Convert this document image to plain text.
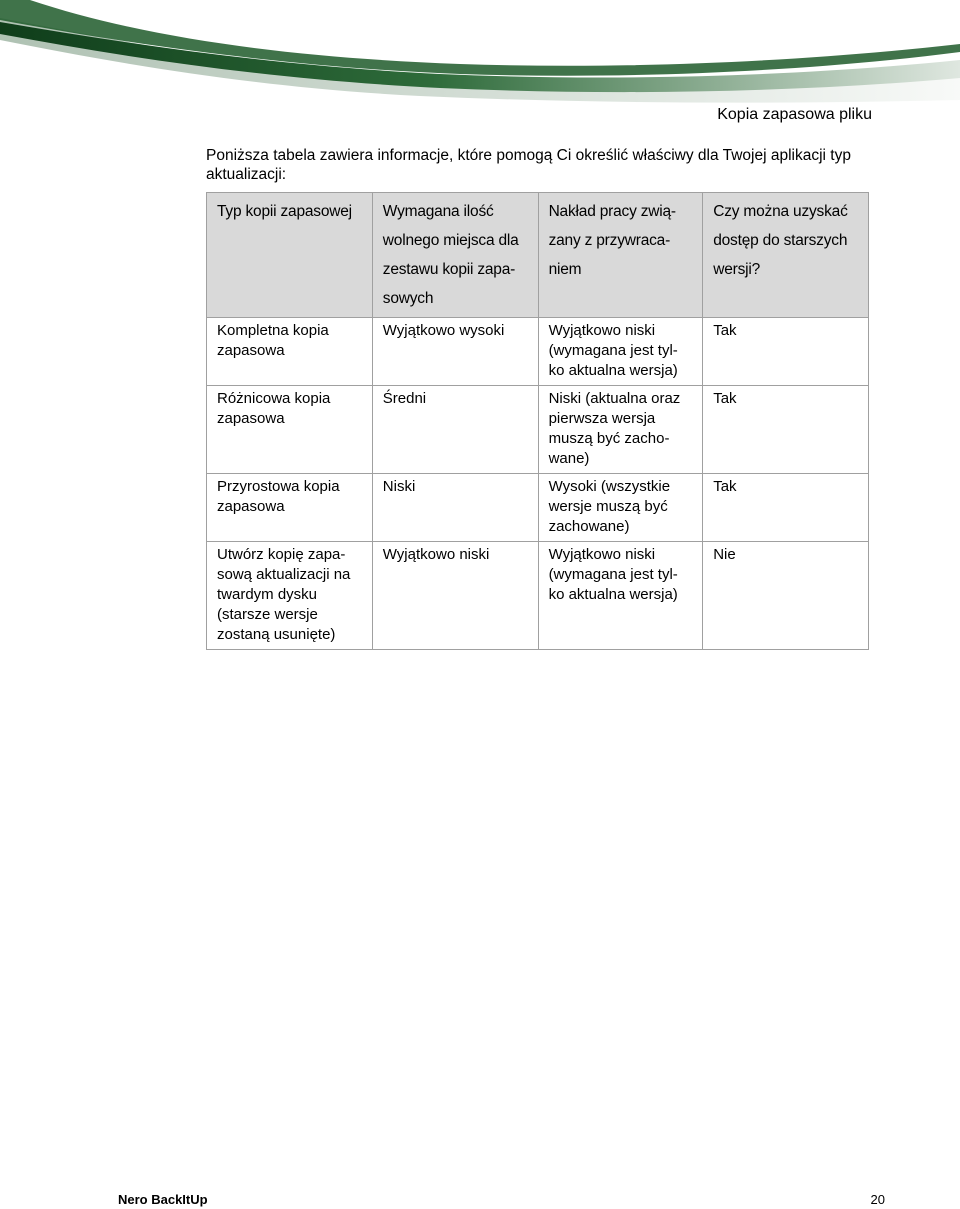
Kopia zapasowa pliku
Poniższa tabela zawiera informacje, które pomogą Ci określić właściwy dla Twojej aplikacji typ aktualizacji:
Typ kopii zapasowej	Wymagana ilość wolnego miejsca dla zestawu kopii zapa-sowych	Nakład pracy zwią-zany z przywraca-niem	Czy można uzyskać dostęp do starszych wersji?
Kompletna kopia zapasowa	Wyjątkowo wysoki	Wyjątkowo niski (wymagana jest tyl-ko aktualna wersja)	Tak
Różnicowa kopia zapasowa	Średni	Niski (aktualna oraz pierwsza wersja muszą być zacho-wane)	Tak
Przyrostowa kopia zapasowa	Niski	Wysoki (wszystkie wersje muszą być zachowane)	Tak
Utwórz kopię zapa-sową aktualizacji na twardym dysku (starsze wersje zostaną usunięte)	Wyjątkowo niski	Wyjątkowo niski (wymagana jest tyl-ko aktualna wersja)	Nie
Nero BackItUp	20
